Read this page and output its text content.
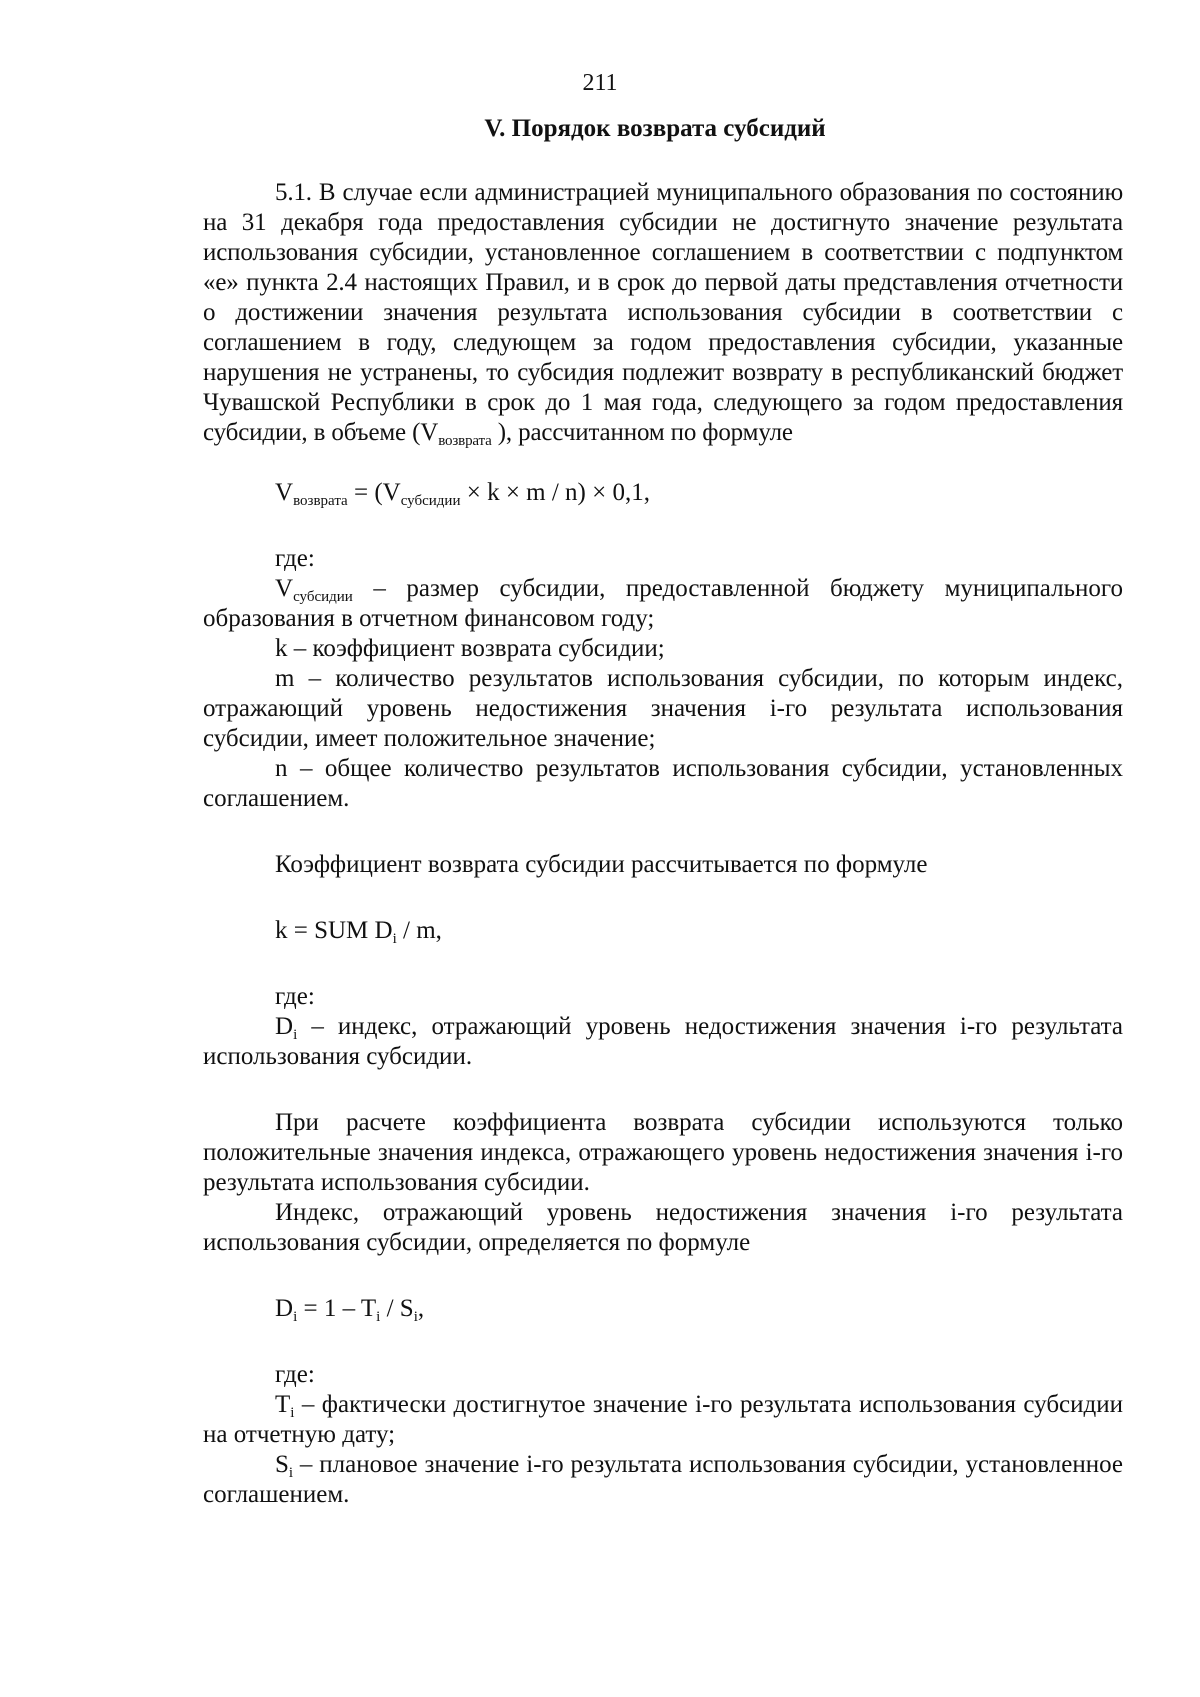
211
V. Порядок возврата субсидий

5.1. В случае если администрацией муниципального образования по состоянию на 31 декабря года предоставления субсидии не достигнуто значение результата использования субсидии, установленное соглашением в соответствии с подпунктом «е» пункта 2.4 настоящих Правил, и в срок до первой даты представления отчетности о достижении значения результата использования субсидии в соответствии с соглашением в году, следующем за годом предоставления субсидии, указанные нарушения не устранены, то субсидия подлежит возврату в республиканский бюджет Чувашской Республики в срок до 1 мая года, следующего за годом предоставления субсидии, в объеме ($V_{возврата}$ ), рассчитанном по формуле

$V_{возврата} = (V_{субсидии} \times k \times m / n) \times 0,1$,

где:

$V_{субсидии}$ – размер субсидии, предоставленной бюджету муниципального образования в отчетном финансовом году;

k – коэффициент возврата субсидии;

m – количество результатов использования субсидии, по которым индекс, отражающий уровень недостижения значения i-го результата использования субсидии, имеет положительное значение;

n – общее количество результатов использования субсидии, установленных соглашением.

Коэффициент возврата субсидии рассчитывается по формуле

k = SUM $D_i$ / m,

где:

$D_i$ – индекс, отражающий уровень недостижения значения i-го результата использования субсидии.

При расчете коэффициента возврата субсидии используются только положительные значения индекса, отражающего уровень недостижения значения i-го результата использования субсидии.

Индекс, отражающий уровень недостижения значения i-го результата использования субсидии, определяется по формуле

$D_i = 1 - T_i / S_i$,

где:

$T_i$ – фактически достигнутое значение i-го результата использования субсидии на отчетную дату;

$S_i$ – плановое значение i-го результата использования субсидии, установленное соглашением.
